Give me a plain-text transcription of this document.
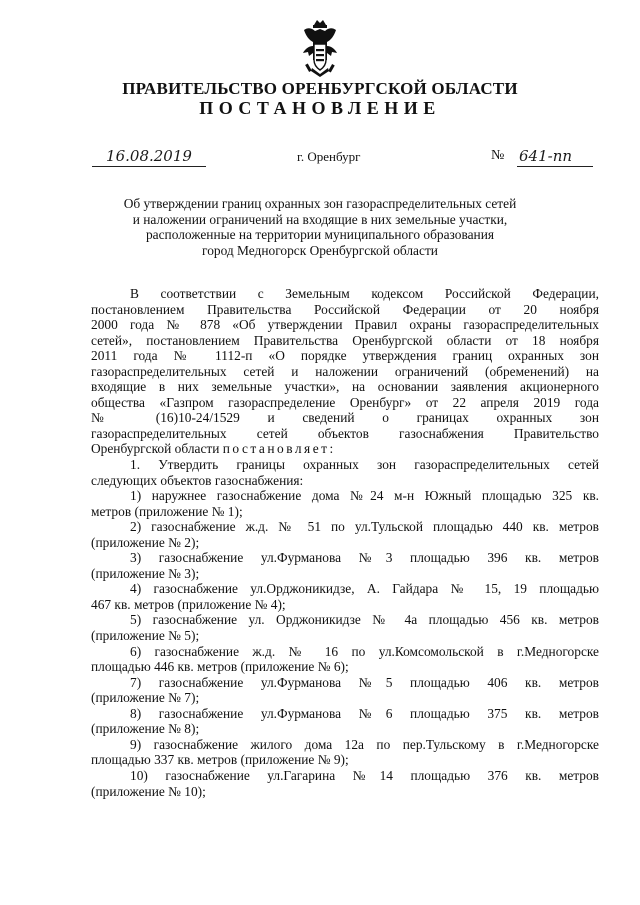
ПРАВИТЕЛЬСТВО ОРЕНБУРГСКОЙ ОБЛАСТИ
ПОСТАНОВЛЕНИЕ
16.08.2019	г. Оренбург	№ 641-пп
Об утверждении границ охранных зон газораспределительных сетей
и наложении ограничений на входящие в них земельные участки,
расположенные на территории муниципального образования
город Медногорск Оренбургской области
В соответствии с Земельным кодексом Российской Федерации,
постановлением Правительства Российской Федерации от 20 ноября
2000 года № 878 «Об утверждении Правил охраны газораспределительных
сетей», постановлением Правительства Оренбургской области от 18 ноября
2011 года № 1112-п «О порядке утверждения границ охранных зон
газораспределительных сетей и наложении ограничений (обременений) на
входящие в них земельные участки», на основании заявления акционерного
общества «Газпром газораспределение Оренбург» от 22 апреля 2019 года
№ (16)10-24/1529 и сведений о границах охранных зон
газораспределительных сетей объектов газоснабжения Правительство
Оренбургской области постановляет:
1. Утвердить границы охранных зон газораспределительных сетей
следующих объектов газоснабжения:
1) наружнее газоснабжение дома №24 м-н Южный площадью 325 кв.
метров (приложение № 1);
2) газоснабжение ж.д. № 51 по ул.Тульской площадью 440 кв. метров
(приложение № 2);
3) газоснабжение ул.Фурманова №3 площадью 396 кв. метров
(приложение № 3);
4) газоснабжение ул.Орджоникидзе, А. Гайдара № 15, 19 площадью
467 кв. метров (приложение № 4);
5) газоснабжение ул. Орджоникидзе № 4а площадью 456 кв. метров
(приложение № 5);
6) газоснабжение ж.д. № 16 по ул.Комсомольской в г.Медногорске
площадью 446 кв. метров (приложение № 6);
7) газоснабжение ул.Фурманова №5 площадью 406 кв. метров
(приложение № 7);
8) газоснабжение ул.Фурманова №6 площадью 375 кв. метров
(приложение № 8);
9) газоснабжение жилого дома 12а по пер.Тульскому в г.Медногорске
площадью 337 кв. метров (приложение № 9);
10) газоснабжение ул.Гагарина №14 площадью 376 кв. метров
(приложение № 10);
